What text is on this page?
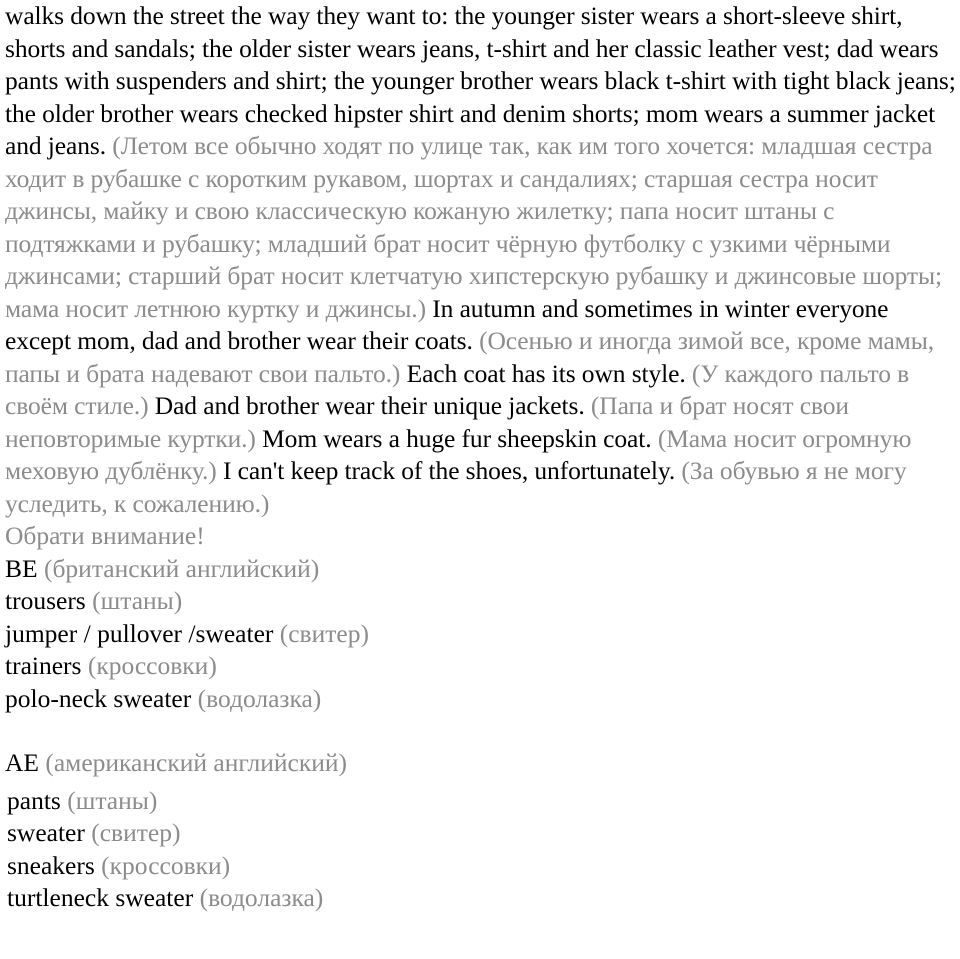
walks down the street the way they want to: the younger sister wears a short-sleeve shirt, shorts and sandals; the older sister wears jeans, t-shirt and her classic leather vest; dad wears pants with suspenders and shirt; the younger brother wears black t-shirt with tight black jeans; the older brother wears checked hipster shirt and denim shorts; mom wears a summer jacket and jeans. (Летом все обычно ходят по улице так, как им того хочется: младшая сестра ходит в рубашке с коротким рукавом, шортах и сандалиях; старшая сестра носит джинсы, майку и свою классическую кожаную жилетку; папа носит штаны с подтяжками и рубашку; младший брат носит чёрную футболку с узкими чёрными джинсами; старший брат носит клетчатую хипстерскую рубашку и джинсовые шорты; мама носит летнюю куртку и джинсы.) In autumn and sometimes in winter everyone except mom, dad and brother wear their coats. (Осенью и иногда зимой все, кроме мамы, папы и брата надевают свои пальто.) Each coat has its own style. (У каждого пальто в своём стиле.) Dad and brother wear their unique jackets. (Папа и брат носят свои неповторимые куртки.) Mom wears a huge fur sheepskin coat. (Мама носит огромную меховую дублёнку.) I can't keep track of the shoes, unfortunately. (За обувью я не могу уследить, к сожалению.)

Обрати внимание!

BE (британский английский)

trousers (штаны)

jumper / pullover /sweater (свитер)

trainers (кроссовки)

polo-neck sweater (водолазка)

AE (американский английский)

pants (штаны)

sweater (свитер)

sneakers (кроссовки)

turtleneck sweater (водолазка)
